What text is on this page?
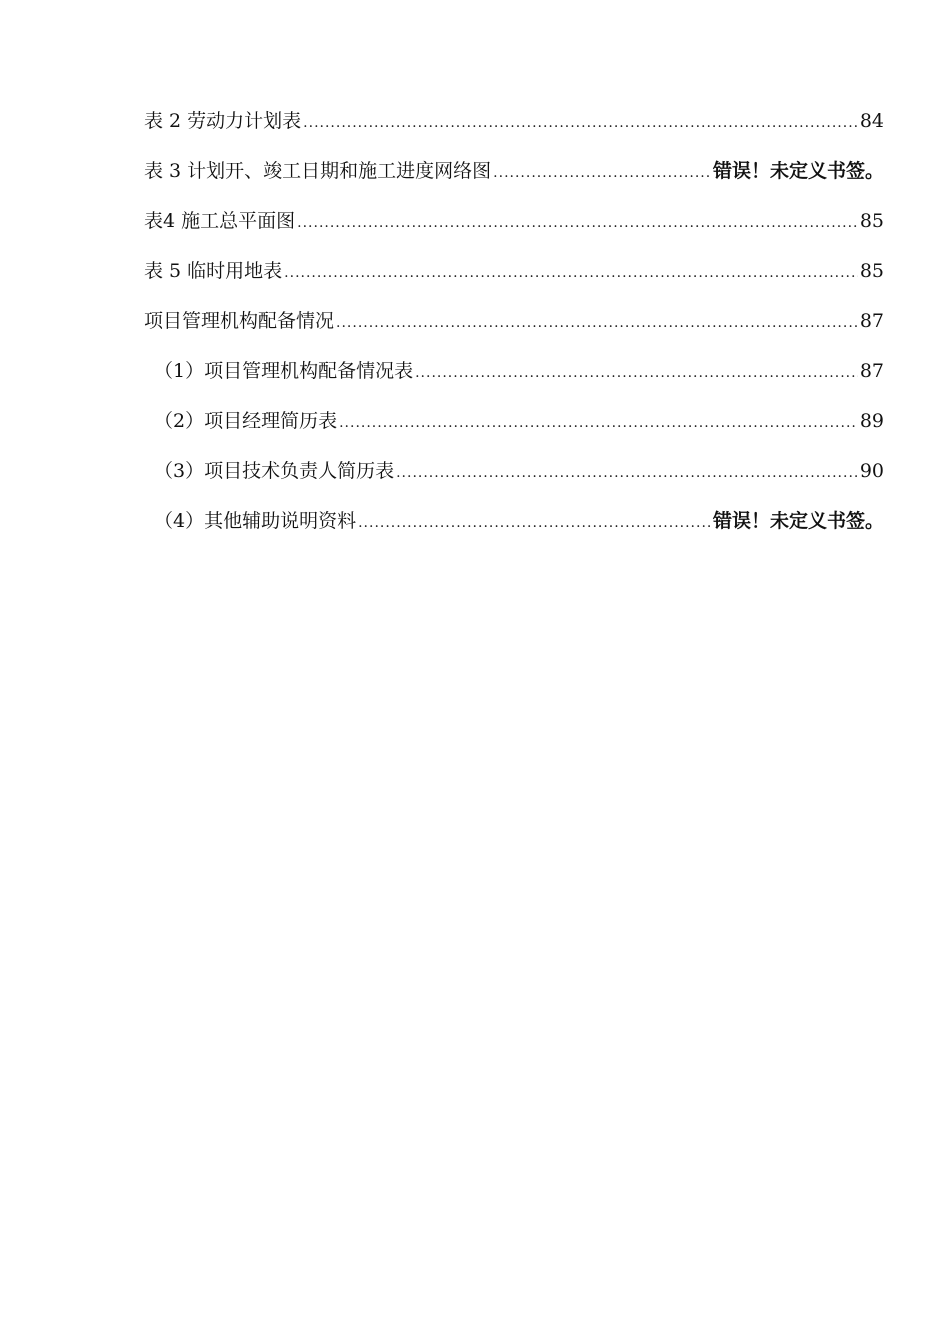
表 2 劳动力计划表 .....	84
表 3 计划开、竣工日期和施工进度网络图 .....	错误！未定义书签。
表4 施工总平面图 .....	85
表 5 临时用地表 .....	85
项目管理机构配备情况 .....	87
（1）项目管理机构配备情况表 .....	87
（2）项目经理简历表 .....	89
（3）项目技术负责人简历表 .....	90
（4）其他辅助说明资料 .....	错误！未定义书签。
